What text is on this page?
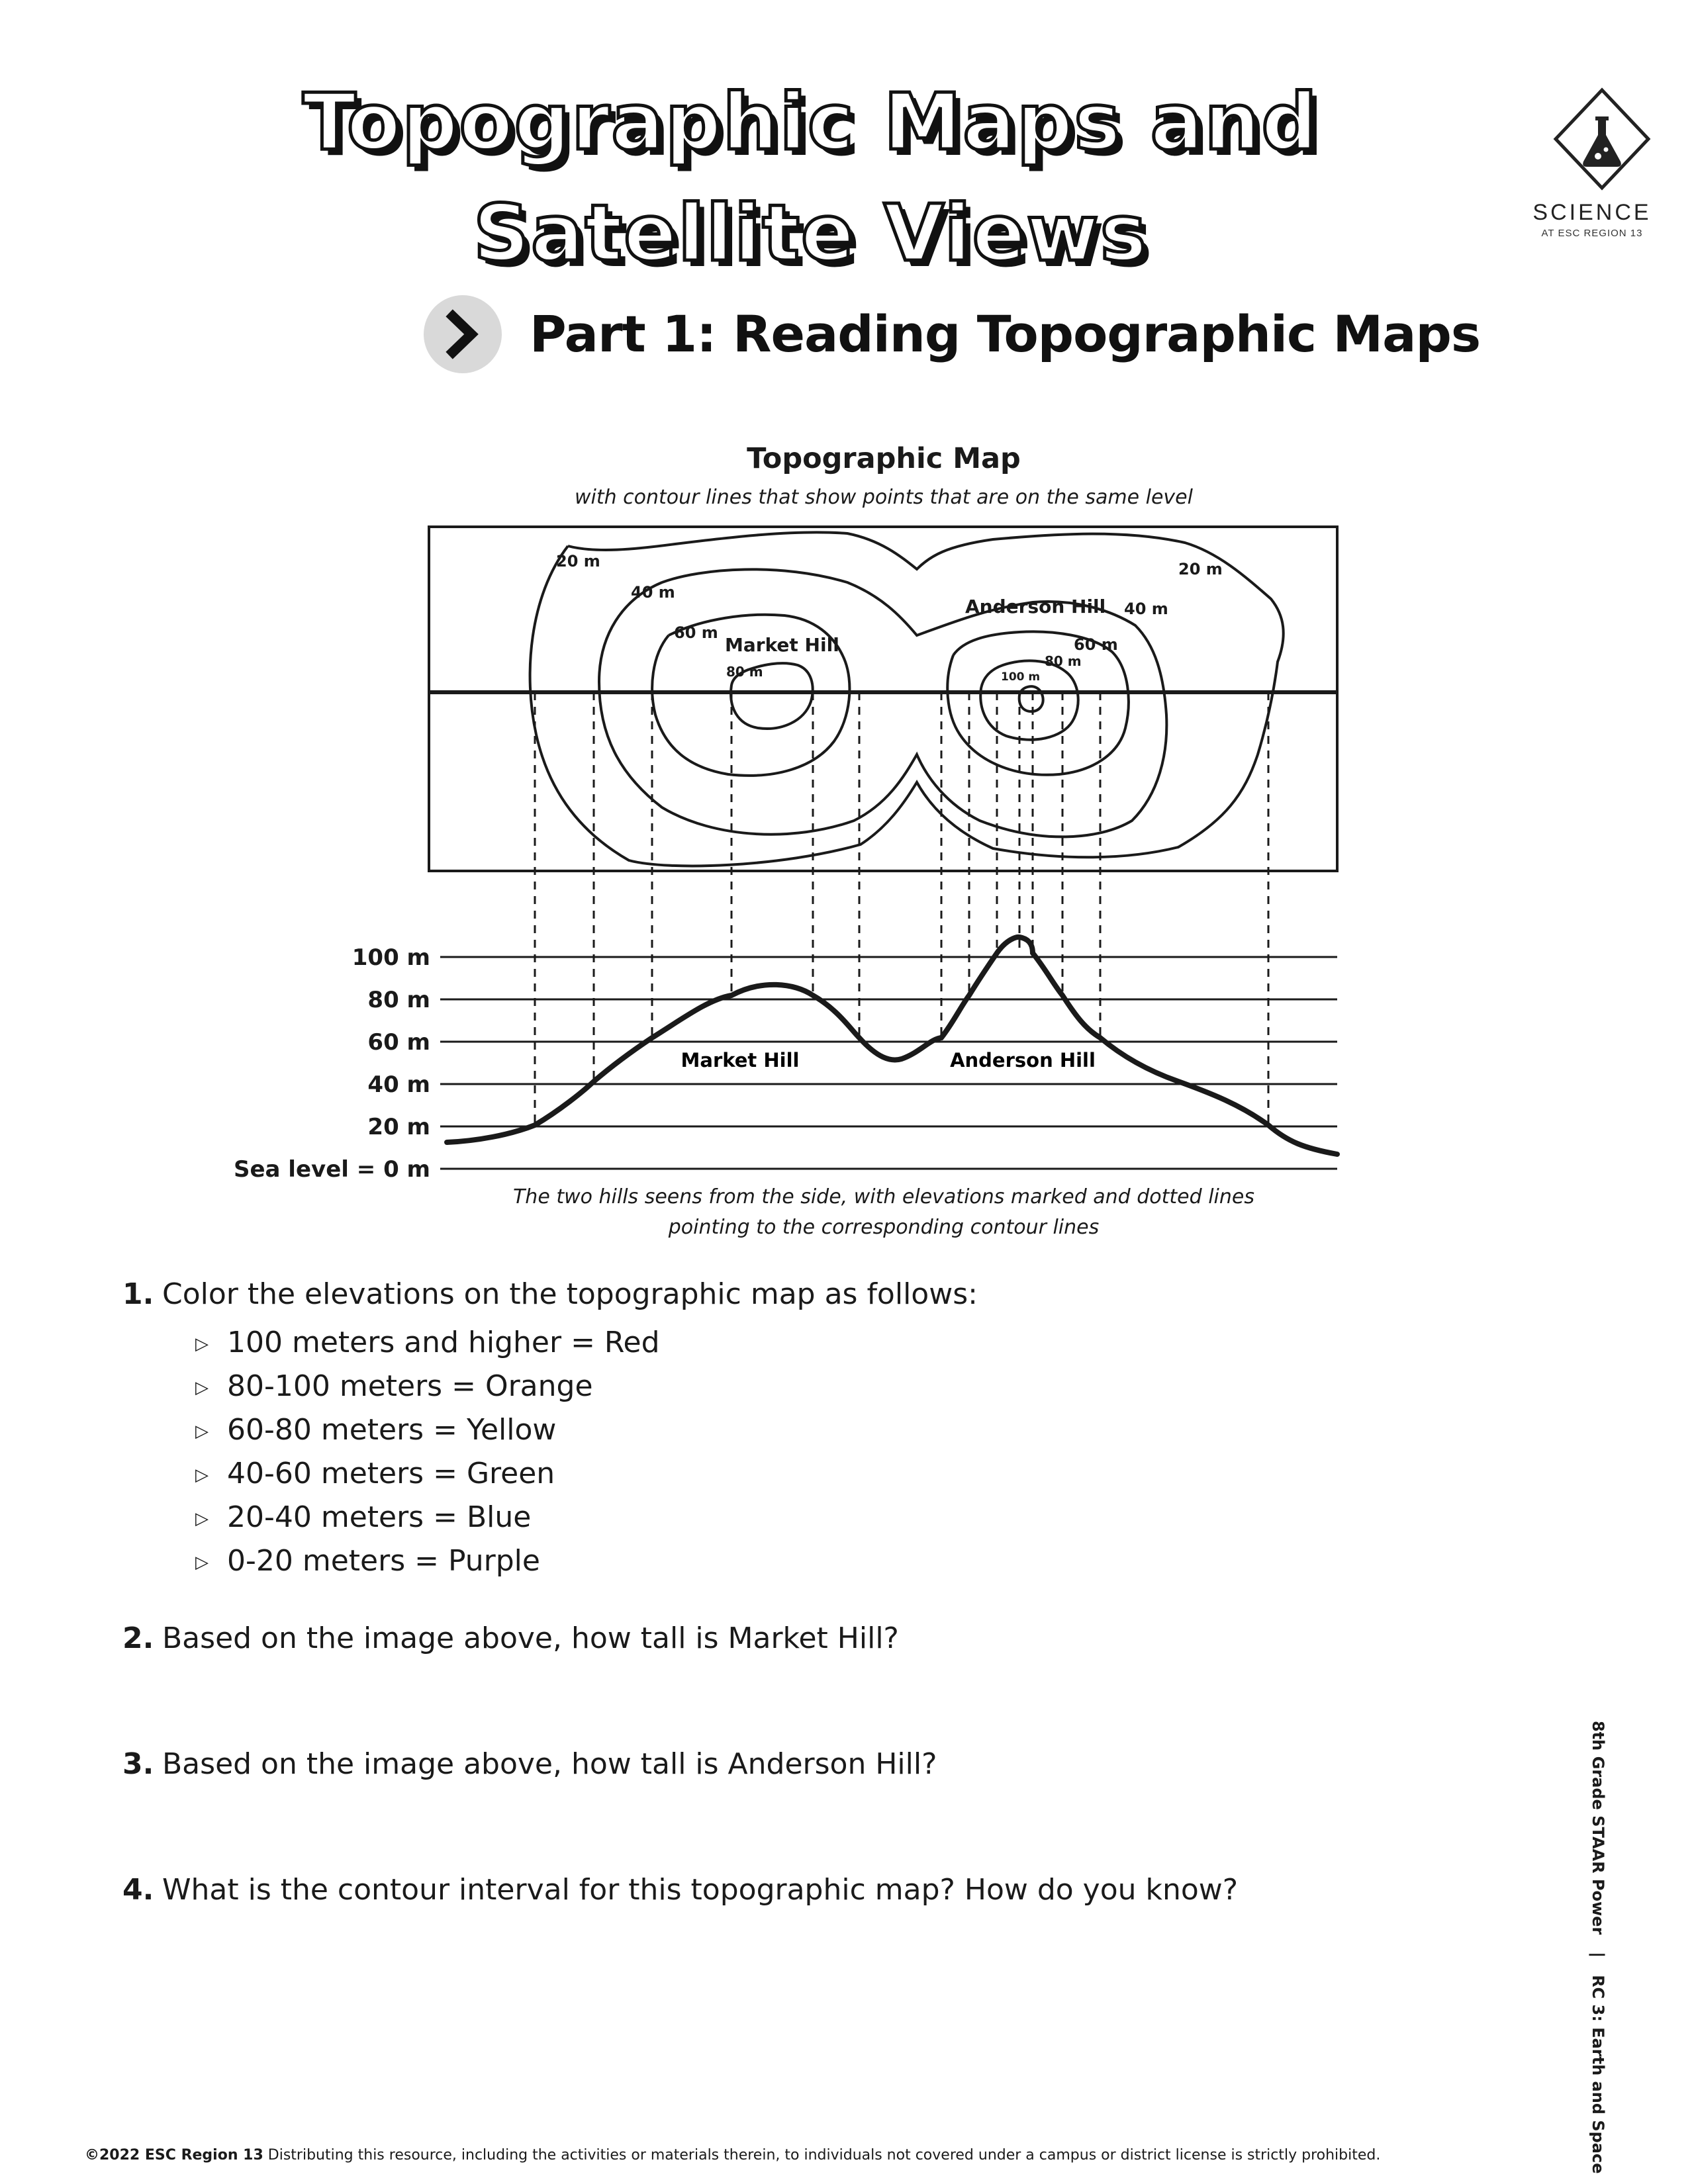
Topographic Maps and
Satellite Views	SCIENCE
AT ESC REGION 13
Part 1: Reading Topographic Maps
Topographic Map
with contour lines that show points that are on the same level
20 m
40 m
60 m
Market Hill
80 m
20 m
40 m
Anderson Hill
60 m
80 m
100 m
100 m
80 m
60 m
40 m
20 m
Sea level = 0 m
Market Hill	Anderson Hill
The two hills seens from the side, with elevations marked and dotted lines pointing to the corresponding contour lines
1. Color the elevations on the topographic map as follows:
▷ 100 meters and higher = Red
▷ 80-100 meters = Orange
▷ 60-80 meters = Yellow
▷ 40-60 meters = Green
▷ 20-40 meters = Blue
▷ 0-20 meters = Purple
2. Based on the image above, how tall is Market Hill?
3. Based on the image above, how tall is Anderson Hill?
4. What is the contour interval for this topographic map? How do you know?	8th Grade STAAR Power|RC 3: Earth and Space
©2022 ESC Region 13 Distributing this resource, including the activities or materials therein, to individuals not covered under a campus or district license is strictly prohibited.
